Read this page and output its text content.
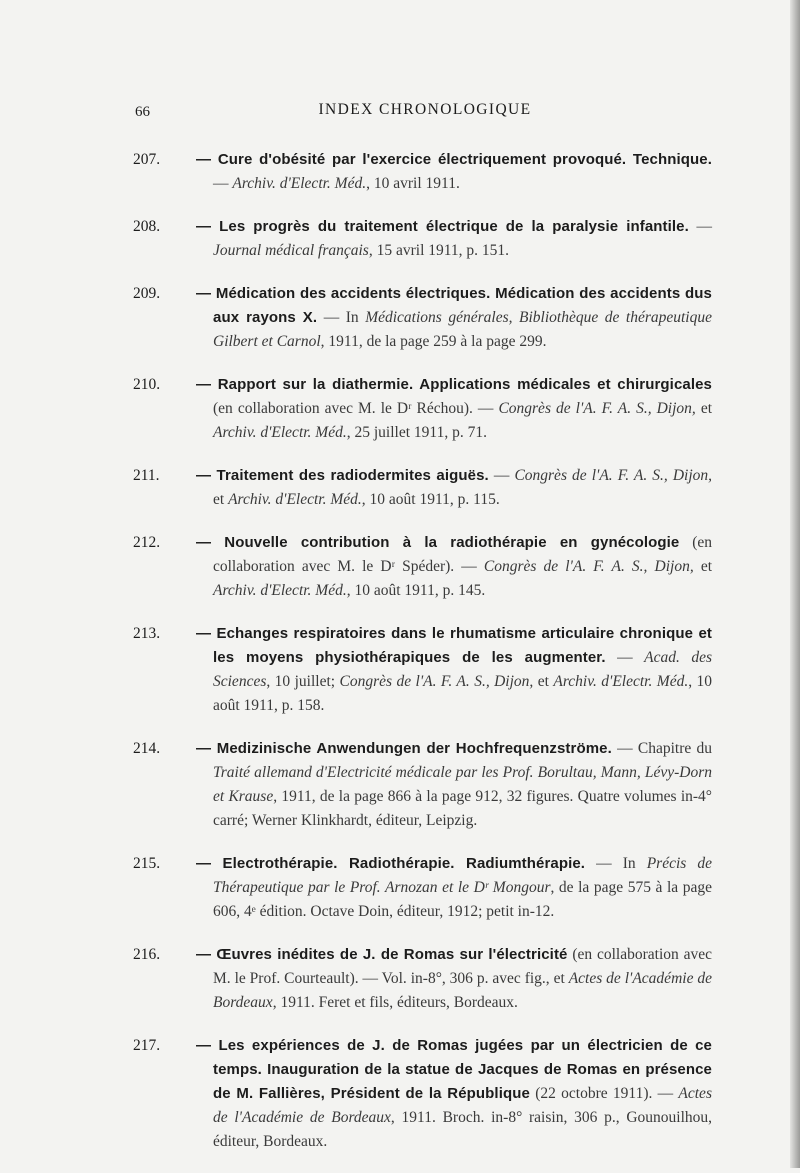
66	INDEX CHRONOLOGIQUE
207.	— Cure d'obésité par l'exercice électriquement provoqué. Technique. — Archiv. d'Electr. Méd., 10 avril 1911.
208.	— Les progrès du traitement électrique de la paralysie infantile. — Journal médical français, 15 avril 1911, p. 151.
209.	— Médication des accidents électriques. Médication des accidents dus aux rayons X. — In Médications générales, Bibliothèque de thérapeutique Gilbert et Carnol, 1911, de la page 259 à la page 299.
210.	— Rapport sur la diathermie. Applications médicales et chirurgicales (en collaboration avec M. le Dʳ Réchou). — Congrès de l'A. F. A. S., Dijon, et Archiv. d'Electr. Méd., 25 juillet 1911, p. 71.
211.	— Traitement des radiodermites aiguës. — Congrès de l'A. F. A. S., Dijon, et Archiv. d'Electr. Méd., 10 août 1911, p. 115.
212.	— Nouvelle contribution à la radiothérapie en gynécologie (en collaboration avec M. le Dʳ Spéder). — Congrès de l'A. F. A. S., Dijon, et Archiv. d'Electr. Méd., 10 août 1911, p. 145.
213.	— Echanges respiratoires dans le rhumatisme articulaire chronique et les moyens physiothérapiques de les augmenter. — Acad. des Sciences, 10 juillet; Congrès de l'A. F. A. S., Dijon, et Archiv. d'Electr. Méd., 10 août 1911, p. 158.
214.	— Medizinische Anwendungen der Hochfrequenzströme. — Chapitre du Traité allemand d'Electricité médicale par les Prof. Borultau, Mann, Lévy-Dorn et Krause, 1911, de la page 866 à la page 912, 32 figures. Quatre volumes in-4° carré; Werner Klinkhardt, éditeur, Leipzig.
215.	— Electrothérapie. Radiothérapie. Radiumthérapie. — In Précis de Thérapeutique par le Prof. Arnozan et le Dʳ Mongour, de la page 575 à la page 606, 4ᵉ édition. Octave Doin, éditeur, 1912; petit in-12.
216.	— Œuvres inédites de J. de Romas sur l'électricité (en collaboration avec M. le Prof. Courteault). — Vol. in-8°, 306 p. avec fig., et Actes de l'Académie de Bordeaux, 1911. Feret et fils, éditeurs, Bordeaux.
217.	— Les expériences de J. de Romas jugées par un électricien de ce temps. Inauguration de la statue de Jacques de Romas en présence de M. Fallières, Président de la République (22 octobre 1911). — Actes de l'Académie de Bordeaux, 1911. Broch. in-8° raisin, 306 p., Gounouilhou, éditeur, Bordeaux.
